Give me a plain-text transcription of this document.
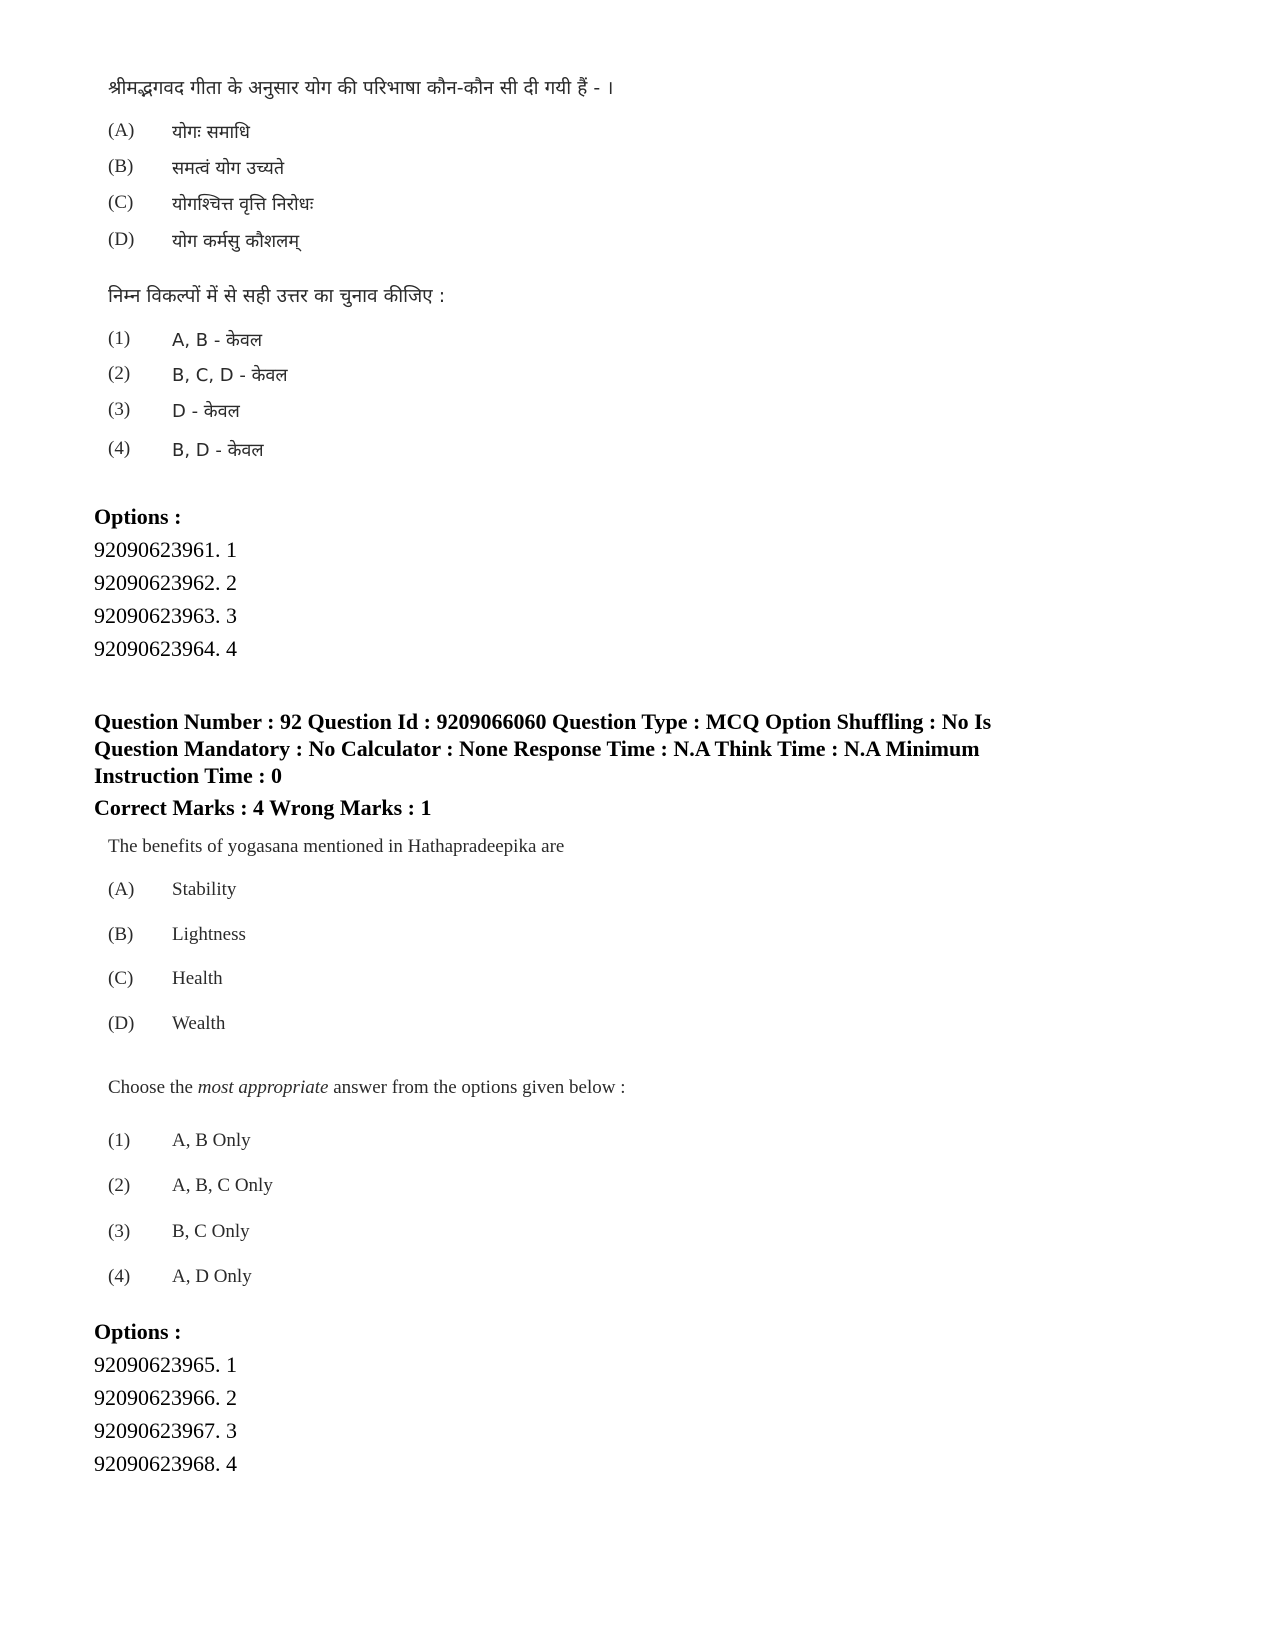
श्रीमद्भगवद गीता के अनुसार योग की परिभाषा कौन-कौन सी दी गयी हैं - ।
(A)	योगः समाधि
(B)	समत्वं योग उच्यते
(C)	योगश्चित्त वृत्ति निरोधः
(D)	योग कर्मसु कौशलम्
निम्न विकल्पों में से सही उत्तर का चुनाव कीजिए :
(1)	A, B - केवल
(2)	B, C, D - केवल
(3)	D - केवल
(4)	B, D - केवल
Options :
92090623961. 1
92090623962. 2
92090623963. 3
92090623964. 4
Question Number : 92 Question Id : 9209066060 Question Type : MCQ Option Shuffling : No Is
Question Mandatory : No Calculator : None Response Time : N.A Think Time : N.A Minimum
Instruction Time : 0
Correct Marks : 4 Wrong Marks : 1
The benefits of yogasana mentioned in Hathapradeepika are
(A)	Stability
(B)	Lightness
(C)	Health
(D)	Wealth
Choose the most appropriate answer from the options given below :
(1)	A, B Only
(2)	A, B, C Only
(3)	B, C Only
(4)	A, D Only
Options :
92090623965. 1
92090623966. 2
92090623967. 3
92090623968. 4
